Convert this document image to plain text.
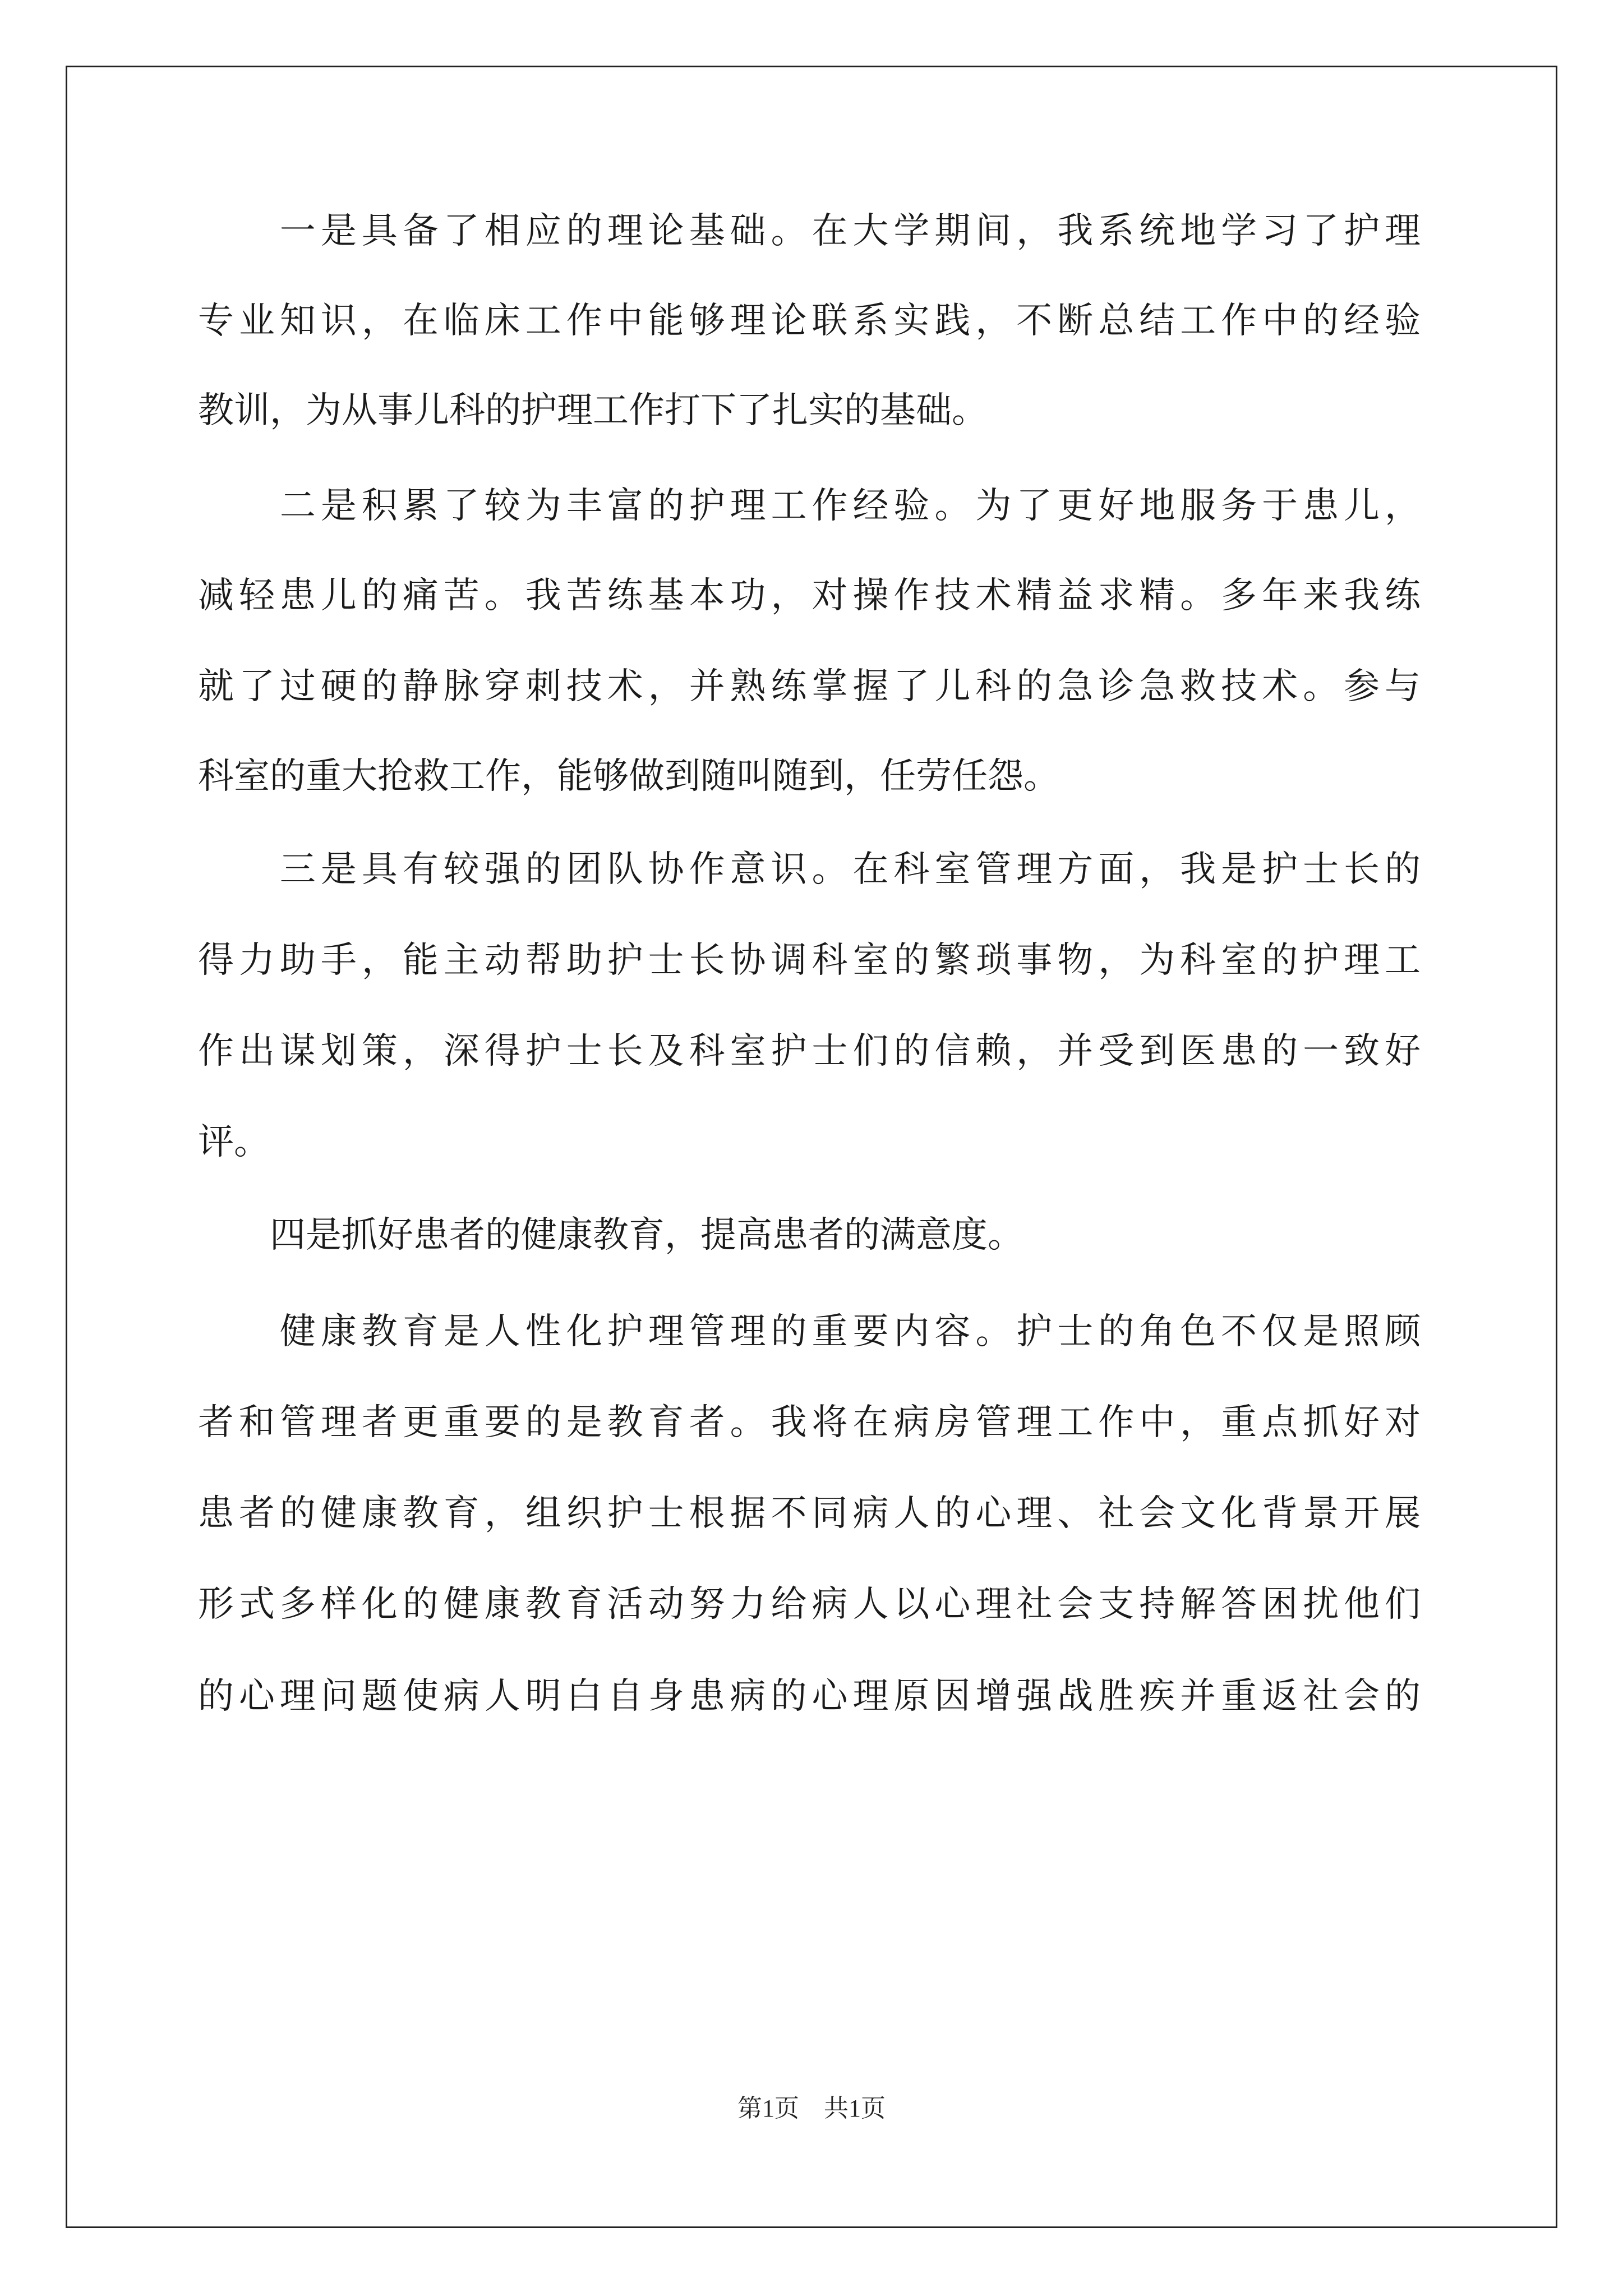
　　一是具备了相应的理论基础。在大学期间，我系统地学习了护理
专业知识，在临床工作中能够理论联系实践，不断总结工作中的经验
教训，为从事儿科的护理工作打下了扎实的基础。
　　二是积累了较为丰富的护理工作经验。为了更好地服务于患儿，
减轻患儿的痛苦。我苦练基本功，对操作技术精益求精。多年来我练
就了过硬的静脉穿刺技术，并熟练掌握了儿科的急诊急救技术。参与
科室的重大抢救工作，能够做到随叫随到，任劳任怨。
　　三是具有较强的团队协作意识。在科室管理方面，我是护士长的
得力助手，能主动帮助护士长协调科室的繁琐事物，为科室的护理工
作出谋划策，深得护士长及科室护士们的信赖，并受到医患的一致好
评。
　　四是抓好患者的健康教育，提高患者的满意度。
　　健康教育是人性化护理管理的重要内容。护士的角色不仅是照顾
者和管理者更重要的是教育者。我将在病房管理工作中，重点抓好对
患者的健康教育，组织护士根据不同病人的心理、社会文化背景开展
形式多样化的健康教育活动努力给病人以心理社会支持解答困扰他们
的心理问题使病人明白自身患病的心理原因增强战胜疾并重返社会的
第1页　共1页
